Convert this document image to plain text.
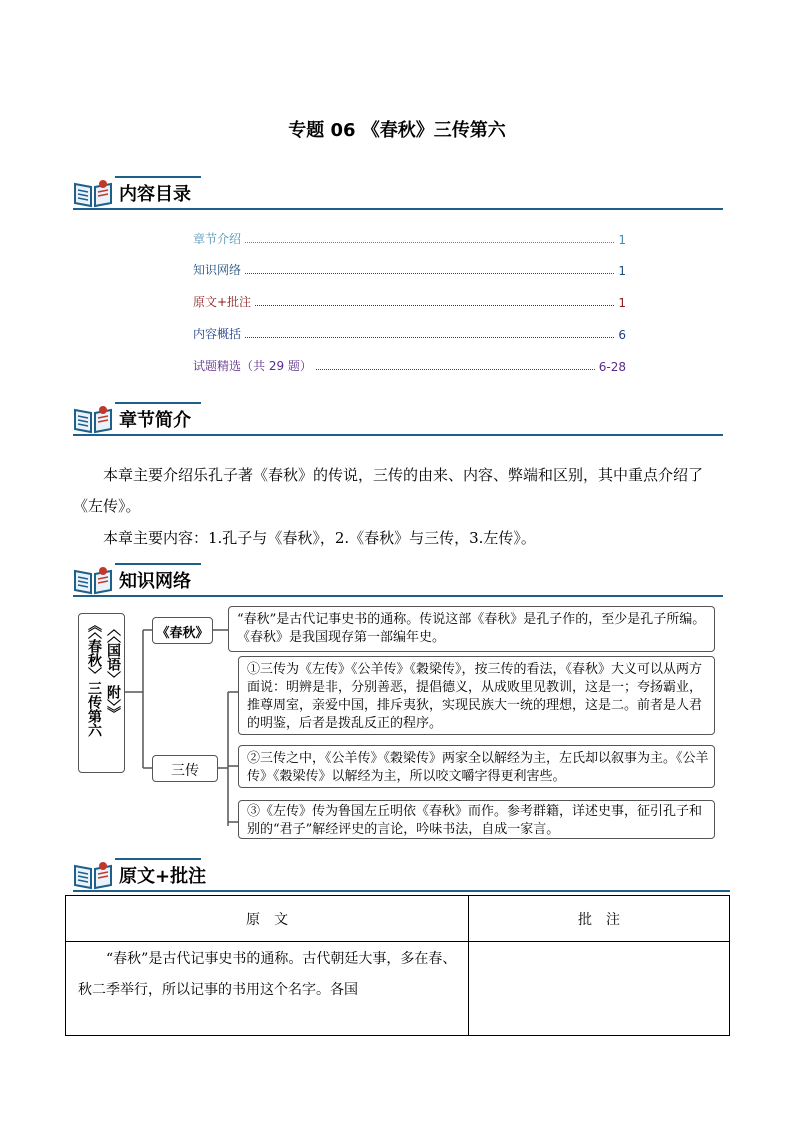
专题 06 《春秋》三传第六
内容目录
章节介绍	1
知识网络	1
原文+批注	1
内容概括	6
试题精选（共 29 题）	6-28
章节简介
本章主要介绍乐孔子著《春秋》的传说，三传的由来、内容、弊端和区别，其中重点介绍了《左传》。
本章主要内容：1.孔子与《春秋》，2.《春秋》与三传，3.左传》。
知识网络
《〈春秋〉三传第六 〈〈国语〉附〉》	《春秋》
三传
“春秋”是古代记事史书的通称。传说这部《春秋》是孔子作的，至少是孔子所编。《春秋》是我国现存第一部编年史。
①三传为《左传》《公羊传》《穀梁传》，按三传的看法，《春秋》大义可以从两方面说：明辨是非，分别善恶，提倡德义，从成败里见教训，这是一；夸扬霸业，推尊周室，亲爱中国，排斥夷狄，实现民族大一统的理想，这是二。前者是人君的明鉴，后者是拨乱反正的程序。
②三传之中，《公羊传》《穀梁传》两家全以解经为主，左氏却以叙事为主。《公羊传》《穀梁传》以解经为主，所以咬文嚼字得更利害些。
③《左传》传为鲁国左丘明依《春秋》而作。参考群籍，详述史事，征引孔子和别的“君子”解经评史的言论，吟味书法，自成一家言。
原文+批注
原　文	批　注
“春秋”是古代记事史书的通称。古代朝廷大事，多在春、秋二季举行，所以记事的书用这个名字。各国	
